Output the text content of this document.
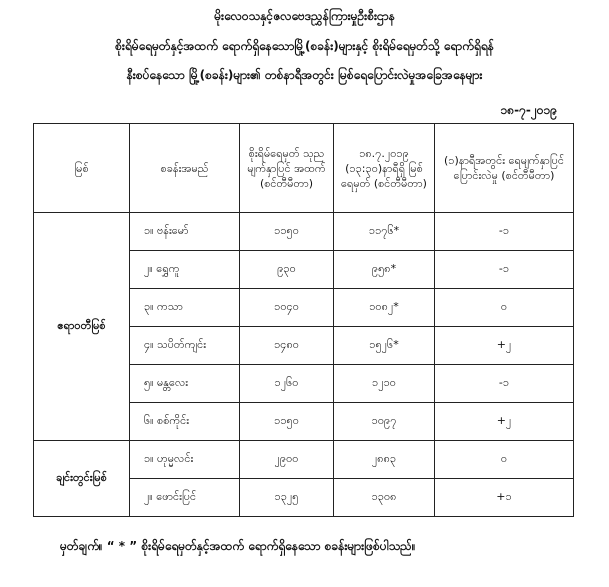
မိုးလေဝသနှင့်ဇလဗေဒညွှန်ကြားမှုဦးစီးဌာန
စိုးရိမ်ရေမှတ်နှင့်အထက် ရောက်ရှိနေသောမြို့(စခန်း)များနှင့် စိုးရိမ်ရေမှတ်သို့ ရောက်ရှိရန်
နီးစပ်နေသော မြို့(စခန်း)များ၏ တစ်နာရီအတွင်း မြစ်ရေပြောင်းလဲမှုအခြေအနေများ
၁၈-၇-၂၀၁၉
မြစ်	စခန်းအမည်	စိုးရိမ်ရေမှတ် သုညမျက်နှာပြင် အထက် (စင်တီမီတာ)	၁၈.၇.၂၀၁၉ (၁၃:၃၀)နာရီရှိ မြစ်ရေမှတ် (စင်တီမီတာ)	(၁)နာရီအတွင်း ရေမျက်နှာပြင်ပြောင်းလဲမှု (စင်တီမီတာ)
ဧရာဝတီမြစ်	၁။ ဗန်းမော်	၁၁၅၀	၁၁၇၆*	-၁
	၂။ ရွှေကူ	၉၃၀	၉၅၈*	-၁
	၃။ ကသာ	၁၀၄၀	၁၀၈၂*	၀
	၄။ သပိတ်ကျင်း	၁၄၈၀	၁၅၂၆*	+၂
	၅။ မန္တလေး	၁၂၆၀	၁၂၁၀	-၁
	၆။ စစ်ကိုင်း	၁၁၅၀	၁၀၉၇	+၂
ချင်းတွင်းမြစ်	၁။ ဟုမ္မလင်း	၂၉၀၀	၂၈၈၃	၀
	၂။ ဖောင်းပြင်	၁၃၂၅	၁၃၀၈	+၁
မှတ်ချက်။ “ * ” စိုးရိမ်ရေမှတ်နှင့်အထက် ရောက်ရှိနေသော စခန်းများဖြစ်ပါသည်။
